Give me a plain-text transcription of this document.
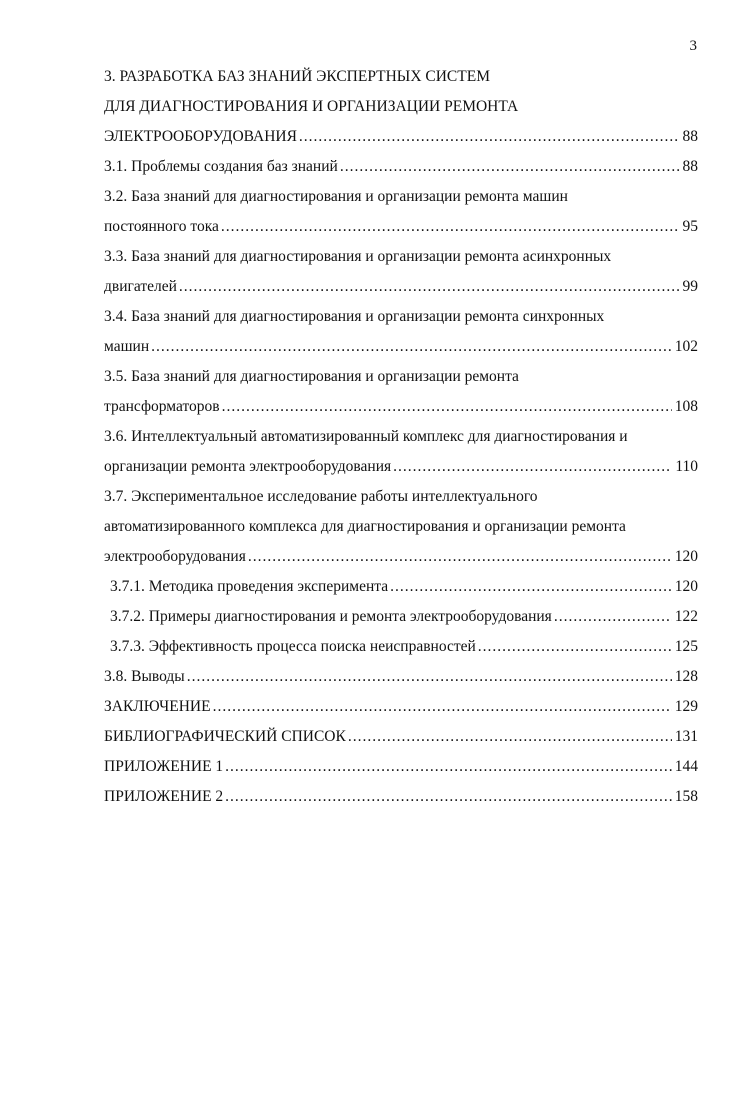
3
3. РАЗРАБОТКА БАЗ ЗНАНИЙ ЭКСПЕРТНЫХ СИСТЕМ
ДЛЯ ДИАГНОСТИРОВАНИЯ И ОРГАНИЗАЦИИ РЕМОНТА
ЭЛЕКТРООБОРУДОВАНИЯ .....	88
3.1. Проблемы создания баз знаний .....	88
3.2. База знаний для диагностирования и организации ремонта машин
постоянного тока .....	95
3.3. База знаний для диагностирования и организации ремонта асинхронных
двигателей .....	99
3.4. База знаний для диагностирования и организации ремонта синхронных
машин .....	102
3.5. База знаний для диагностирования и организации ремонта
трансформаторов .....	108
3.6. Интеллектуальный автоматизированный комплекс для диагностирования и
организации ремонта электрооборудования .....	110
3.7. Экспериментальное исследование работы интеллектуального
автоматизированного комплекса для диагностирования и организации ремонта
электрооборудования .....	120
3.7.1. Методика проведения эксперимента .....	120
3.7.2. Примеры диагностирования и ремонта электрооборудования .....	122
3.7.3. Эффективность процесса поиска неисправностей .....	125
3.8. Выводы .....	128
ЗАКЛЮЧЕНИЕ .....	129
БИБЛИОГРАФИЧЕСКИЙ СПИСОК .....	131
ПРИЛОЖЕНИЕ 1 .....	144
ПРИЛОЖЕНИЕ 2 .....	158
